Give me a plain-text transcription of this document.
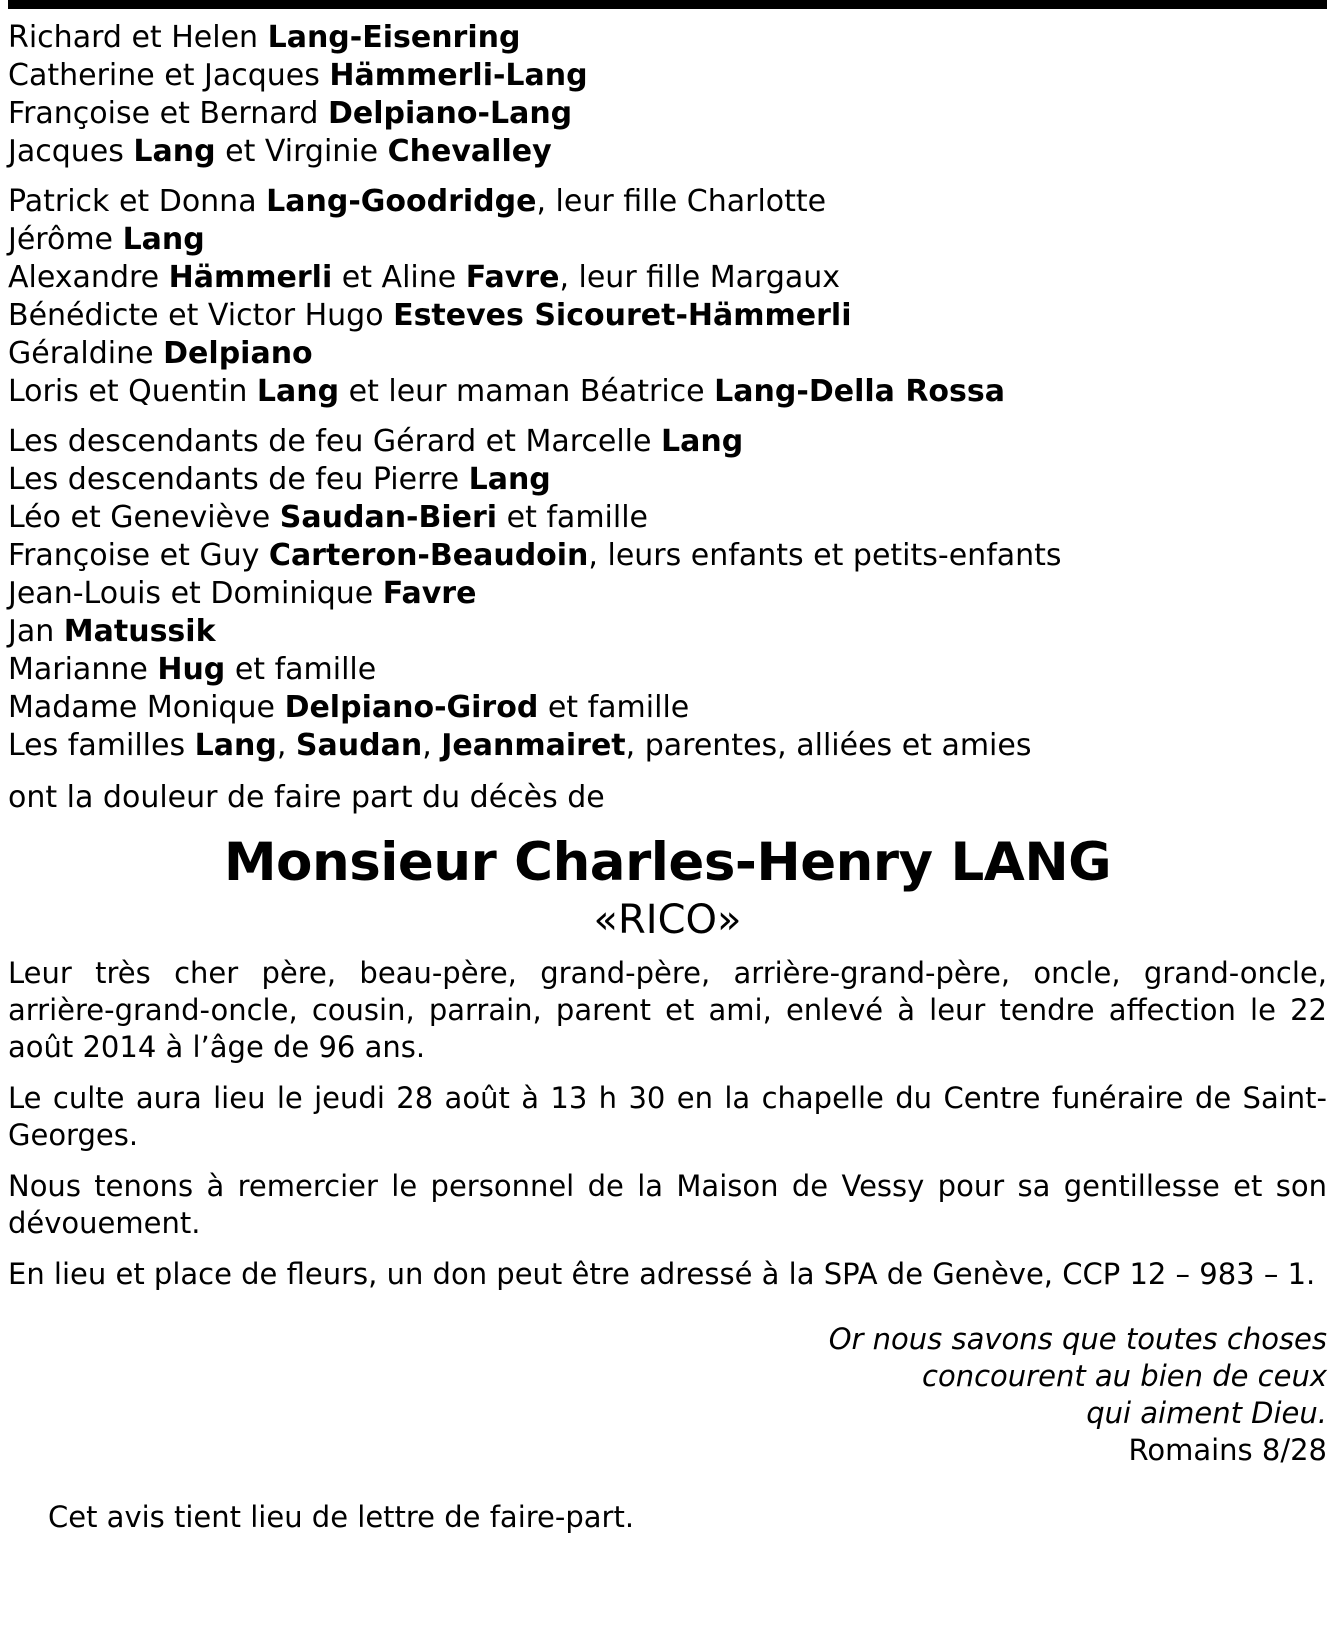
Richard et Helen Lang-Eisenring
Catherine et Jacques Hämmerli-Lang
Françoise et Bernard Delpiano-Lang
Jacques Lang et Virginie Chevalley
Patrick et Donna Lang-Goodridge, leur fille Charlotte
Jérôme Lang
Alexandre Hämmerli et Aline Favre, leur fille Margaux
Bénédicte et Victor Hugo Esteves Sicouret-Hämmerli
Géraldine Delpiano
Loris et Quentin Lang et leur maman Béatrice Lang-Della Rossa
Les descendants de feu Gérard et Marcelle Lang
Les descendants de feu Pierre Lang
Léo et Geneviève Saudan-Bieri et famille
Françoise et Guy Carteron-Beaudoin, leurs enfants et petits-enfants
Jean-Louis et Dominique Favre
Jan Matussik
Marianne Hug et famille
Madame Monique Delpiano-Girod et famille
Les familles Lang, Saudan, Jeanmairet, parentes, alliées et amies
ont la douleur de faire part du décès de
Monsieur Charles-Henry LANG
«RICO»
Leur très cher père, beau-père, grand-père, arrière-grand-père, oncle, grand-oncle, arrière-grand-oncle, cousin, parrain, parent et ami, enlevé à leur tendre affection le 22 août 2014 à l’âge de 96 ans.
Le culte aura lieu le jeudi 28 août à 13 h 30 en la chapelle du Centre funéraire de Saint-Georges.
Nous tenons à remercier le personnel de la Maison de Vessy pour sa gentillesse et son dévouement.
En lieu et place de fleurs, un don peut être adressé à la SPA de Genève, CCP 12 – 983 – 1.
Or nous savons que toutes choses
concourent au bien de ceux
qui aiment Dieu.
Romains 8/28
Cet avis tient lieu de lettre de faire-part.
